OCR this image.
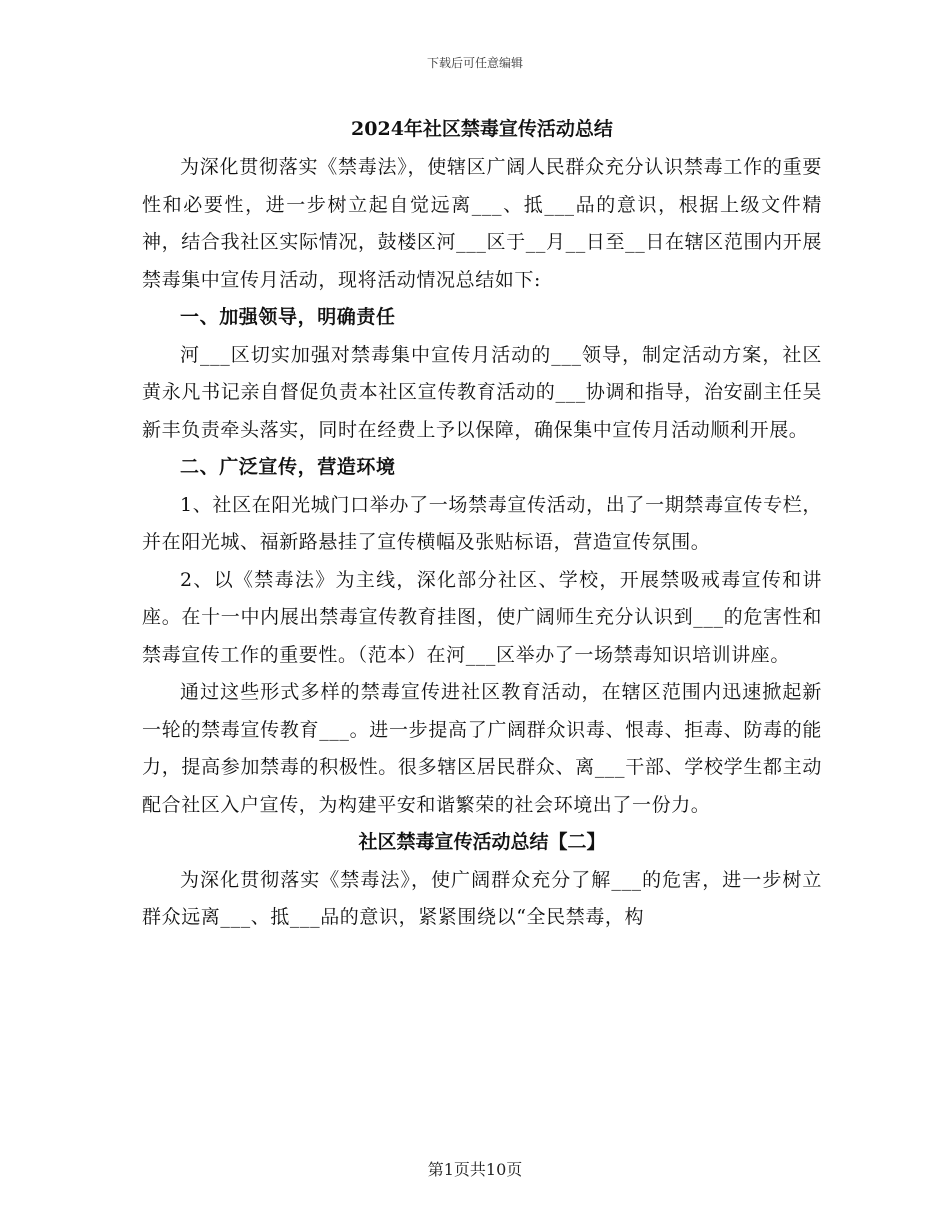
下载后可任意编辑
2024年社区禁毒宣传活动总结

为深化贯彻落实《禁毒法》，使辖区广阔人民群众充分认识禁毒工作的重要性和必要性，进一步树立起自觉远离___、抵___品的意识，根据上级文件精神，结合我社区实际情况，鼓楼区河___区于__月__日至__日在辖区范围内开展禁毒集中宣传月活动，现将活动情况总结如下:

一、加强领导，明确责任

河___区切实加强对禁毒集中宣传月活动的___领导，制定活动方案，社区黄永凡书记亲自督促负责本社区宣传教育活动的___协调和指导，治安副主任吴新丰负责牵头落实，同时在经费上予以保障，确保集中宣传月活动顺利开展。

二、广泛宣传，营造环境

1、社区在阳光城门口举办了一场禁毒宣传活动，出了一期禁毒宣传专栏，并在阳光城、福新路悬挂了宣传横幅及张贴标语，营造宣传氛围。

2、以《禁毒法》为主线，深化部分社区、学校，开展禁吸戒毒宣传和讲座。在十一中内展出禁毒宣传教育挂图，使广阔师生充分认识到___的危害性和禁毒宣传工作的重要性。（范本）在河___区举办了一场禁毒知识培训讲座。

通过这些形式多样的禁毒宣传进社区教育活动，在辖区范围内迅速掀起新一轮的禁毒宣传教育___。进一步提高了广阔群众识毒、恨毒、拒毒、防毒的能力，提高参加禁毒的积极性。很多辖区居民群众、离___干部、学校学生都主动配合社区入户宣传，为构建平安和谐繁荣的社会环境出了一份力。

社区禁毒宣传活动总结【二】

为深化贯彻落实《禁毒法》，使广阔群众充分了解___的危害，进一步树立群众远离___、抵___品的意识，紧紧围绕以“全民禁毒，构

第1页共10页
